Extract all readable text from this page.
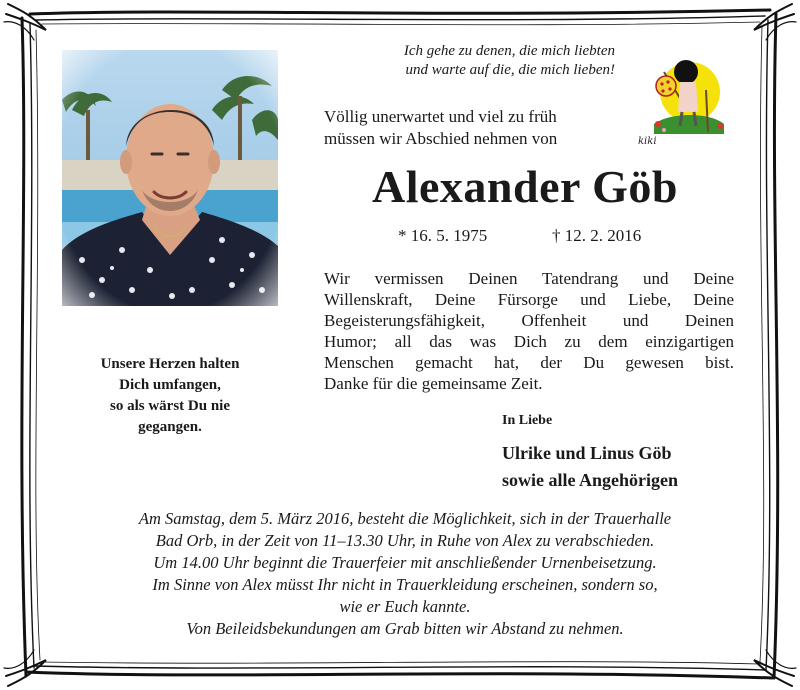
Ich gehe zu denen, die mich liebten
und warte auf die, die mich lieben!
kiki
Völlig unerwartet und viel zu früh
müssen wir Abschied nehmen von
Alexander Göb
* 16. 5. 1975	† 12. 2. 2016
Wir vermissen Deinen Tatendrang und Deine
Willenskraft, Deine Fürsorge und Liebe, Deine
Begeisterungsfähigkeit, Offenheit und Deinen
Humor; all das was Dich zu dem einzigartigen
Menschen gemacht hat, der Du gewesen bist.
Danke für die gemeinsame Zeit.
Unsere Herzen halten
Dich umfangen,
so als wärst Du nie
gegangen.	In Liebe
Ulrike und Linus Göb
sowie alle Angehörigen
Am Samstag, dem 5. März 2016, besteht die Möglichkeit, sich in der Trauerhalle
Bad Orb, in der Zeit von 11–13.30 Uhr, in Ruhe von Alex zu verabschieden.
Um 14.00 Uhr beginnt die Trauerfeier mit anschließender Urnenbeisetzung.
Im Sinne von Alex müsst Ihr nicht in Trauerkleidung erscheinen, sondern so,
wie er Euch kannte.
Von Beileidsbekundungen am Grab bitten wir Abstand zu nehmen.
